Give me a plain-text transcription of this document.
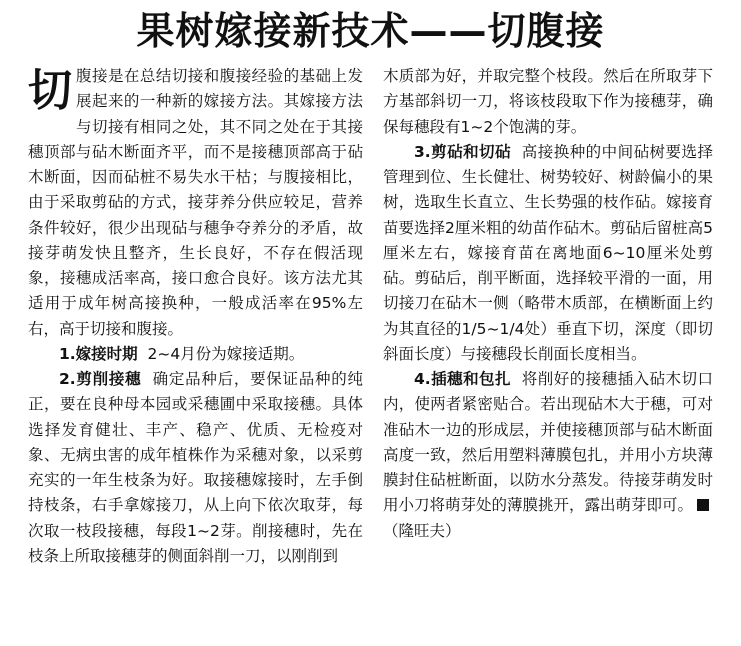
果树嫁接新技术——切腹接

切腹接是在总结切接和腹接经验的基础上发展起来的一种新的嫁接方法。其嫁接方法与切接有相同之处，其不同之处在于其接穗顶部与砧木断面齐平，而不是接穗顶部高于砧木断面，因而砧桩不易失水干枯；与腹接相比，由于采取剪砧的方式，接芽养分供应较足，营养条件较好，很少出现砧与穗争夺养分的矛盾，故接芽萌发快且整齐，生长良好，不存在假活现象，接穗成活率高，接口愈合良好。该方法尤其适用于成年树高接换种，一般成活率在95%左右，高于切接和腹接。

1.嫁接时期 2~4月份为嫁接适期。

2.剪削接穗 确定品种后，要保证品种的纯正，要在良种母本园或采穗圃中采取接穗。具体选择发育健壮、丰产、稳产、优质、无检疫对象、无病虫害的成年植株作为采穗对象，以采剪充实的一年生枝条为好。取接穗嫁接时，左手倒持枝条，右手拿嫁接刀，从上向下依次取芽，每次取一枝段接穗，每段1~2芽。削接穗时，先在枝条上所取接穗芽的侧面斜削一刀，以刚削到

木质部为好，并取完整个枝段。然后在所取芽下方基部斜切一刀，将该枝段取下作为接穗芽，确保每穗段有1~2个饱满的芽。

3.剪砧和切砧 高接换种的中间砧树要选择管理到位、生长健壮、树势较好、树龄偏小的果树，选取生长直立、生长势强的枝作砧。嫁接育苗要选择2厘米粗的幼苗作砧木。剪砧后留桩高5厘米左右，嫁接育苗在离地面6~10厘米处剪砧。剪砧后，削平断面，选择较平滑的一面，用切接刀在砧木一侧（略带木质部，在横断面上约为其直径的1/5~1/4处）垂直下切，深度（即切斜面长度）与接穗段长削面长度相当。

4.插穗和包扎 将削好的接穗插入砧木切口内，使两者紧密贴合。若出现砧木大于穗，可对准砧木一边的形成层，并使接穗顶部与砧木断面高度一致，然后用塑料薄膜包扎，并用小方块薄膜封住砧桩断面，以防水分蒸发。待接芽萌发时用小刀将萌芽处的薄膜挑开，露出萌芽即可。（隆旺夫）
